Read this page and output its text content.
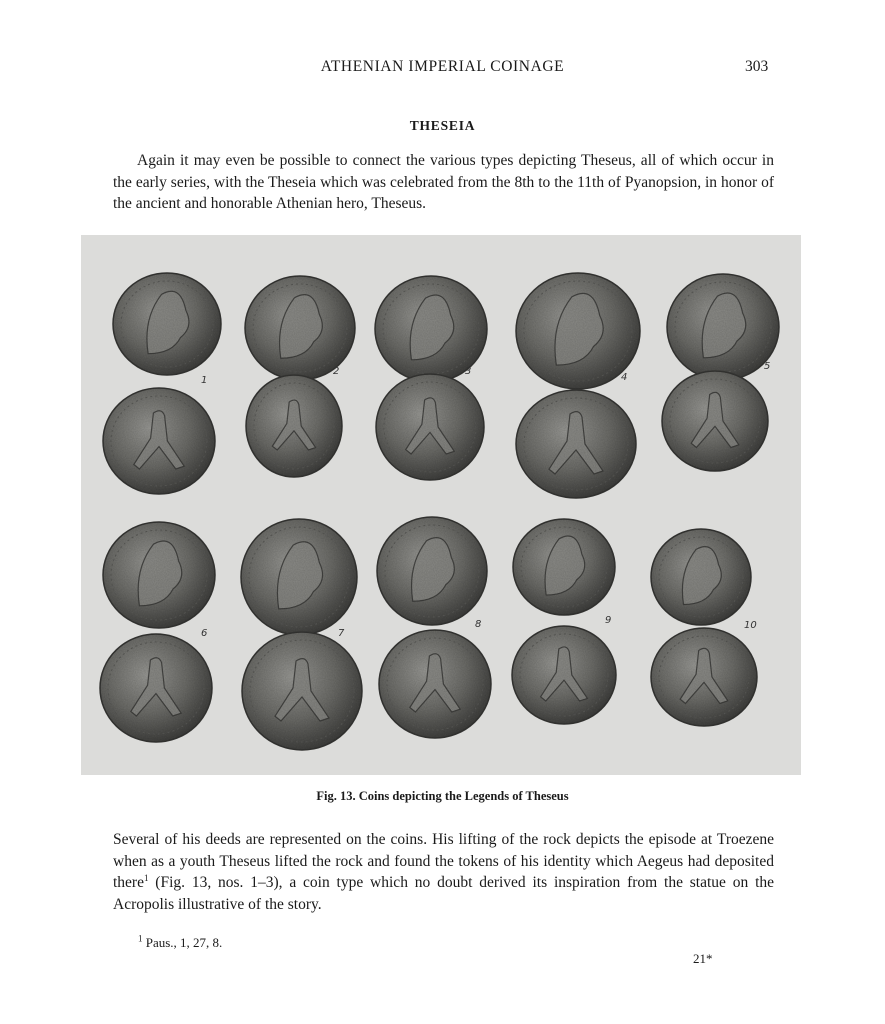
ATHENIAN IMPERIAL COINAGE	303
THESEIA

Again it may even be possible to connect the various types depicting Theseus, all of which occur in the early series, with the Theseia which was celebrated from the 8th to the 11th of Pyanopsion, in honor of the ancient and honorable Athenian hero, Theseus.

1
2	3
4
5
6	7
8	9	10
Fig. 13. Coins depicting the Legends of Theseus

Several of his deeds are represented on the coins. His lifting of the rock depicts the episode at Troezene when as a youth Theseus lifted the rock and found the tokens of his identity which Aegeus had deposited there$^1$ (Fig. 13, nos. 1–3), a coin type which no doubt derived its inspiration from the statue on the Acropolis illustrative of the story.

$^1$ Paus., 1, 27, 8.
21*
